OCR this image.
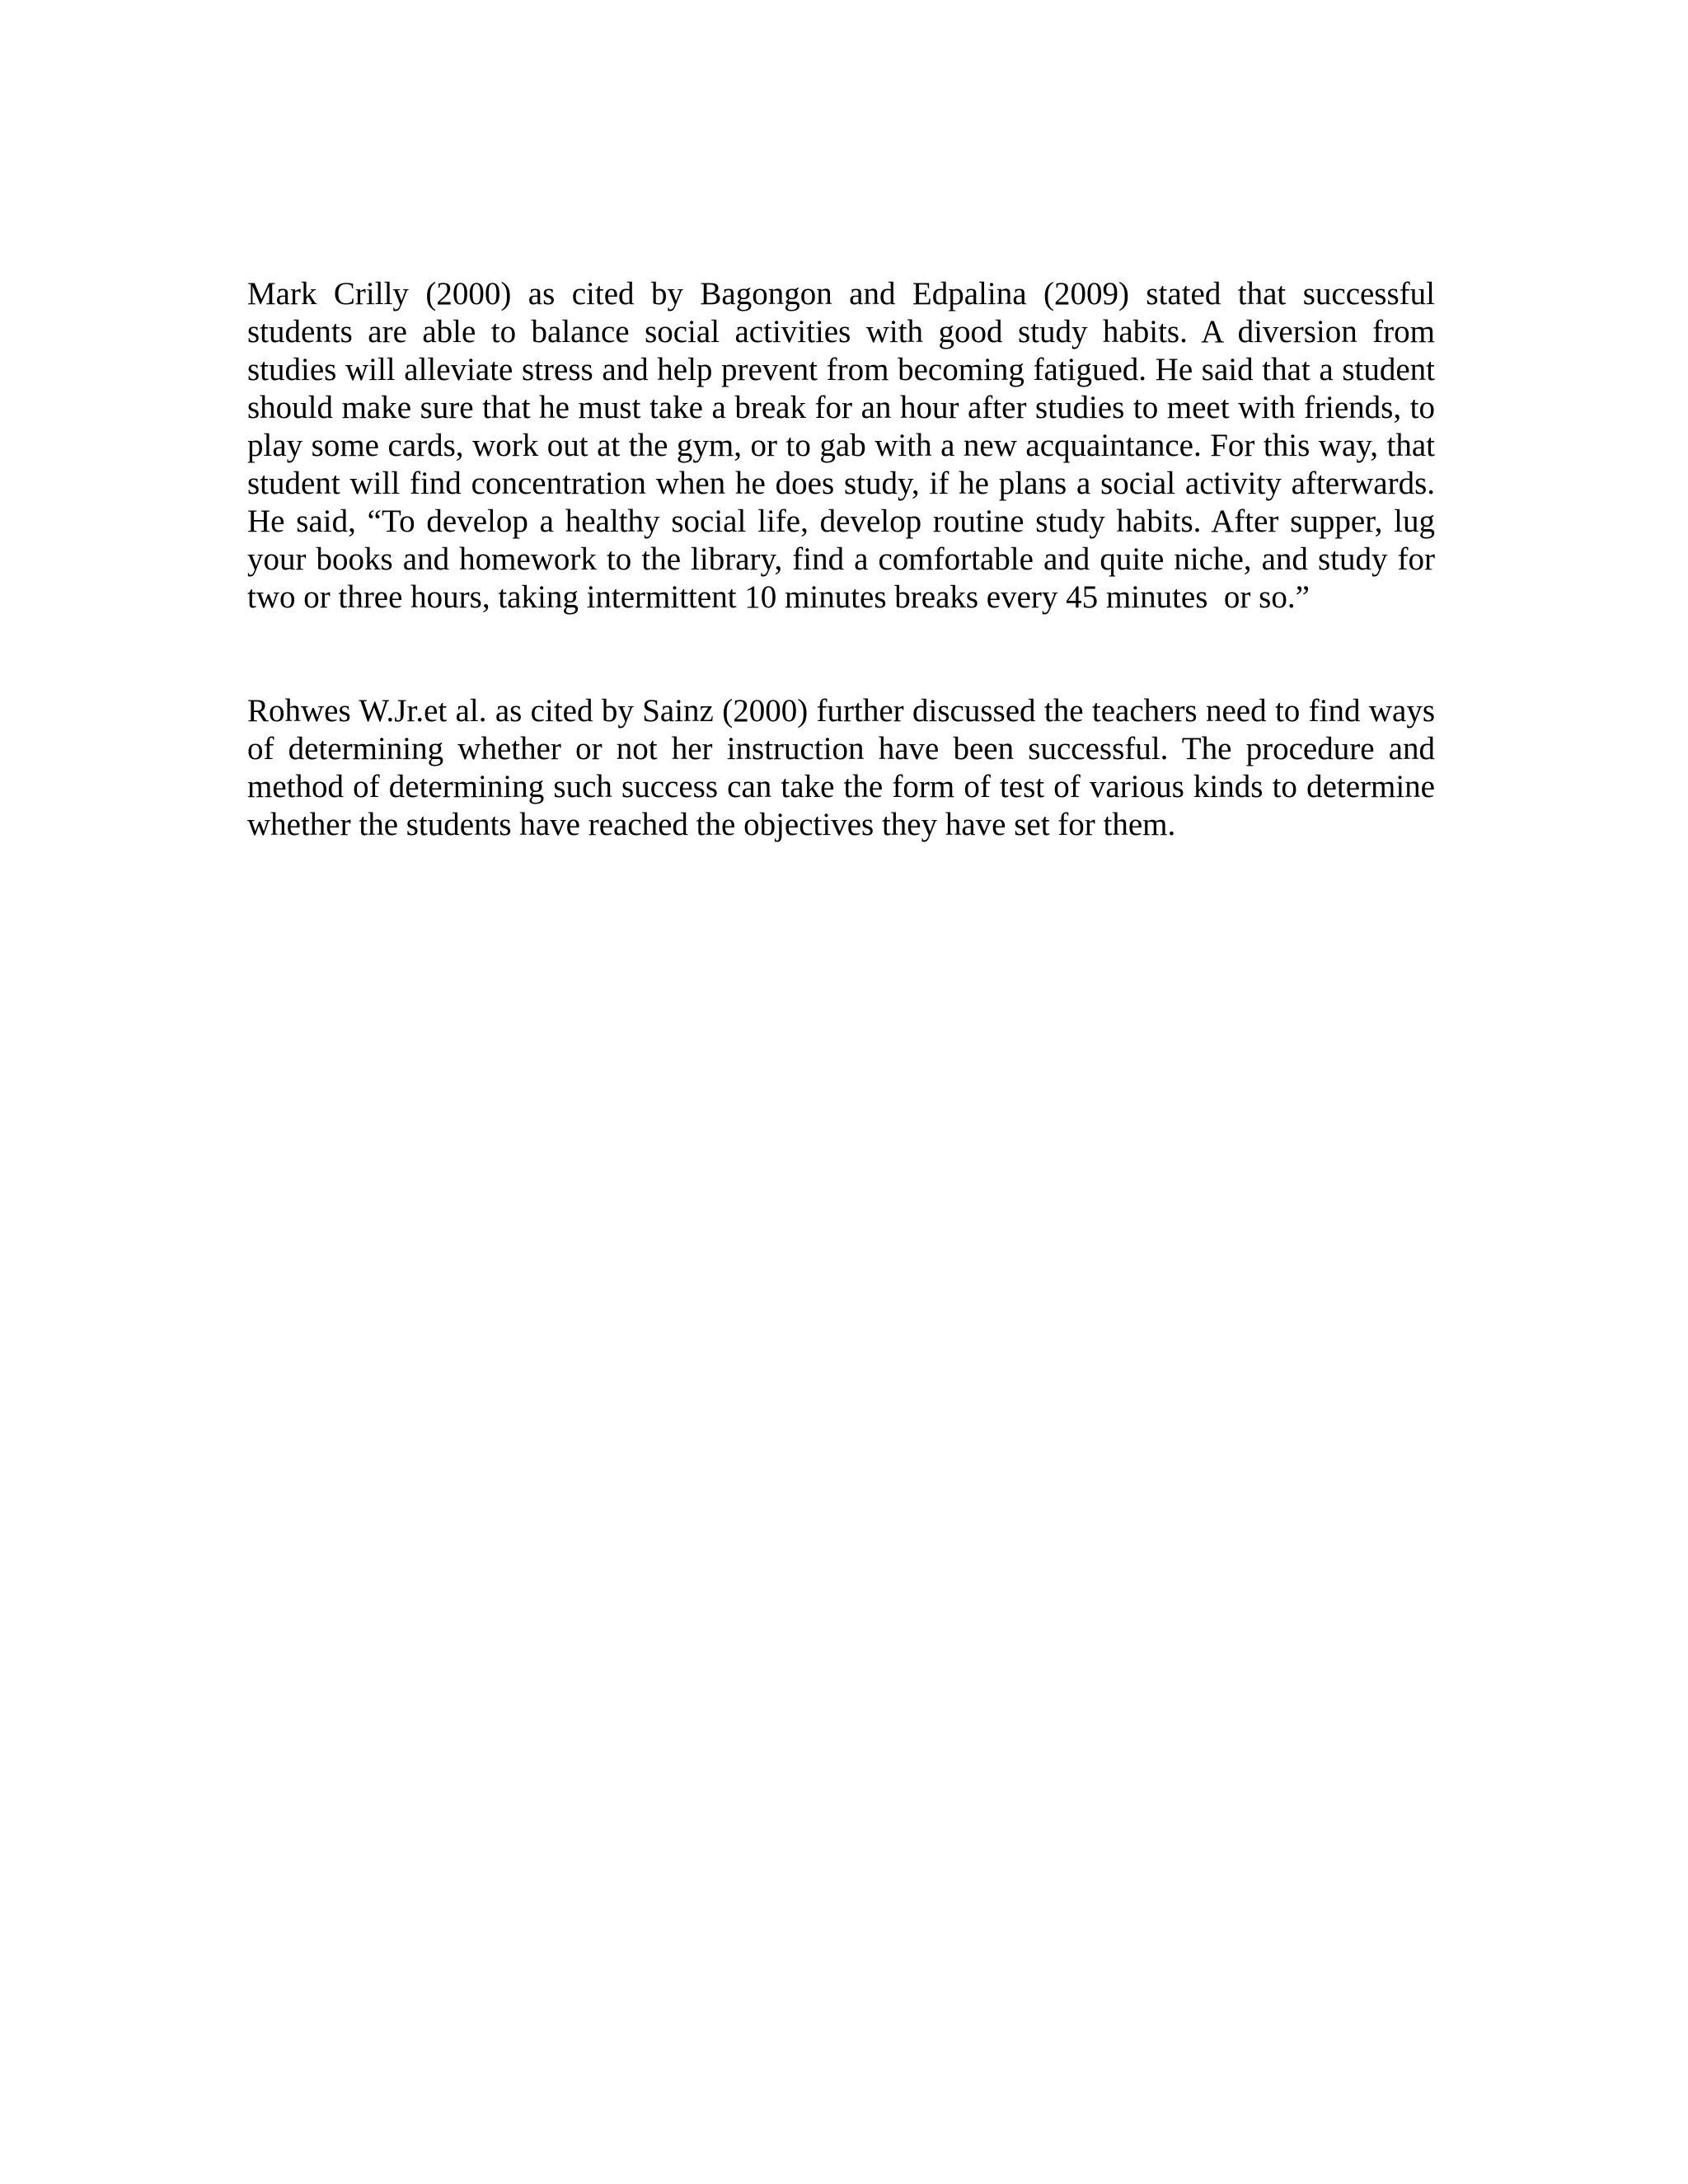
Mark Crilly (2000) as cited by Bagongon and Edpalina (2009) stated that successful students are able to balance social activities with good study habits. A diversion from studies will alleviate stress and help prevent from becoming fatigued. He said that a student should make sure that he must take a break for an hour after studies to meet with friends, to play some cards, work out at the gym, or to gab with a new acquaintance. For this way, that student will find concentration when he does study, if he plans a social activity afterwards. He said, “To develop a healthy social life, develop routine study habits. After supper, lug your books and homework to the library, find a comfortable and quite niche, and study for two or three hours, taking intermittent 10 minutes breaks every 45 minutes  or so.”

Rohwes W.Jr.et al. as cited by Sainz (2000) further discussed the teachers need to find ways of determining whether or not her instruction have been successful. The procedure and method of determining such success can take the form of test of various kinds to determine whether the students have reached the objectives they have set for them.
